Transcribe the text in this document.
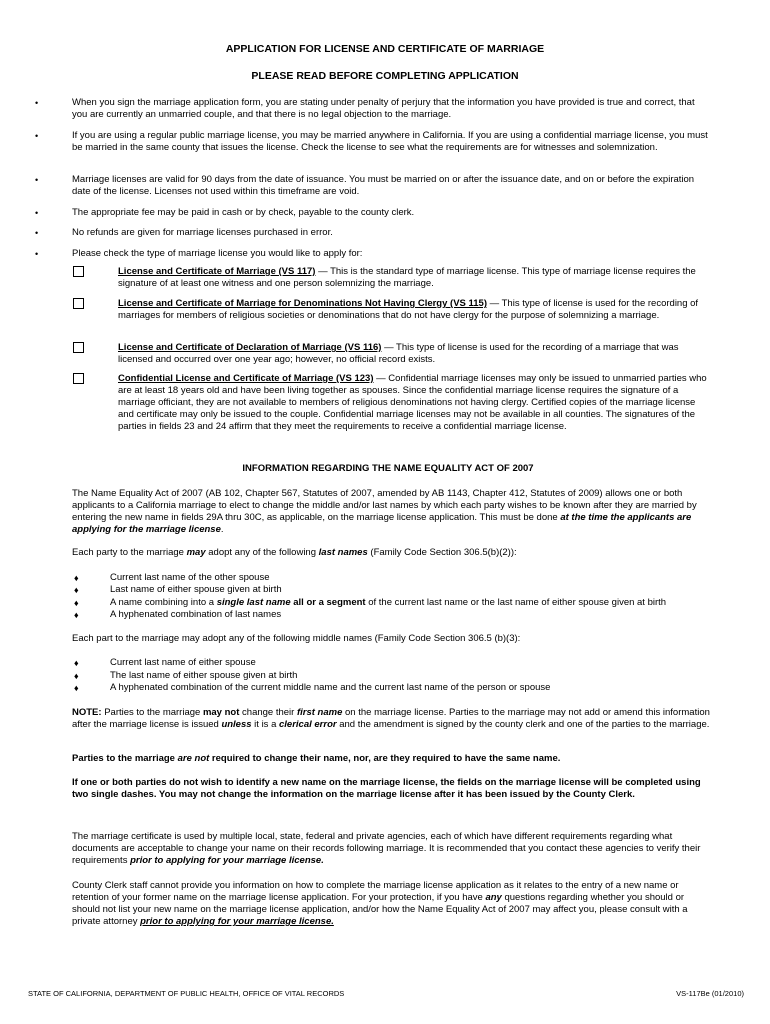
APPLICATION FOR LICENSE AND CERTIFICATE OF MARRIAGE
PLEASE READ BEFORE COMPLETING APPLICATION
•	When you sign the marriage application form, you are stating under penalty of perjury that the information you have provided is true and correct, that you are currently an unmarried couple, and that there is no legal objection to the marriage.
•	If you are using a regular public marriage license, you may be married anywhere in California. If you are using a confidential marriage license, you must be married in the same county that issues the license. Check the license to see what the requirements are for witnesses and solemnization.
•	Marriage licenses are valid for 90 days from the date of issuance. You must be married on or after the issuance date, and on or before the expiration date of the license. Licenses not used within this timeframe are void.
•	The appropriate fee may be paid in cash or by check, payable to the county clerk.
•	No refunds are given for marriage licenses purchased in error.
•	Please check the type of marriage license you would like to apply for:
License and Certificate of Marriage (VS 117) — This is the standard type of marriage license. This type of marriage license requires the signature of at least one witness and one person solemnizing the marriage.
License and Certificate of Marriage for Denominations Not Having Clergy (VS 115) — This type of license is used for the recording of marriages for members of religious societies or denominations that do not have clergy for the purpose of solemnizing a marriage.
License and Certificate of Declaration of Marriage (VS 116) — This type of license is used for the recording of a marriage that was licensed and occurred over one year ago; however, no official record exists.
Confidential License and Certificate of Marriage (VS 123) — Confidential marriage licenses may only be issued to unmarried parties who are at least 18 years old and have been living together as spouses. Since the confidential marriage license requires the signature of a marriage officiant, they are not available to members of religious denominations not having clergy. Certified copies of the marriage license and certificate may only be issued to the couple. Confidential marriage licenses may not be available in all counties. The signatures of the parties in fields 23 and 24 affirm that they meet the requirements to receive a confidential marriage license.
INFORMATION REGARDING THE NAME EQUALITY ACT OF 2007
The Name Equality Act of 2007 (AB 102, Chapter 567, Statutes of 2007, amended by AB 1143, Chapter 412, Statutes of 2009) allows one or both applicants to a California marriage to elect to change the middle and/or last names by which each party wishes to be known after they are married by entering the new name in fields 29A thru 30C, as applicable, on the marriage license application. This must be done at the time the applicants are applying for the marriage license.
Each party to the marriage may adopt any of the following last names (Family Code Section 306.5(b)(2)):
♦	Current last name of the other spouse
♦	Last name of either spouse given at birth
♦	A name combining into a single last name all or a segment of the current last name or the last name of either spouse given at birth
♦	A hyphenated combination of last names
Each part to the marriage may adopt any of the following middle names (Family Code Section 306.5 (b)(3):
♦	Current last name of either spouse
♦	The last name of either spouse given at birth
♦	A hyphenated combination of the current middle name and the current last name of the person or spouse
NOTE: Parties to the marriage may not change their first name on the marriage license. Parties to the marriage may not add or amend this information after the marriage license is issued unless it is a clerical error and the amendment is signed by the county clerk and one of the parties to the marriage.
Parties to the marriage are not required to change their name, nor, are they required to have the same name.
If one or both parties do not wish to identify a new name on the marriage license, the fields on the marriage license will be completed using two single dashes. You may not change the information on the marriage license after it has been issued by the County Clerk.
The marriage certificate is used by multiple local, state, federal and private agencies, each of which have different requirements regarding what documents are acceptable to change your name on their records following marriage. It is recommended that you contact these agencies to verify their requirements prior to applying for your marriage license.
County Clerk staff cannot provide you information on how to complete the marriage license application as it relates to the entry of a new name or retention of your former name on the marriage license application. For your protection, if you have any questions regarding whether you should or should not list your new name on the marriage license application, and/or how the Name Equality Act of 2007 may affect you, please consult with a private attorney prior to applying for your marriage license.
STATE OF CALIFORNIA, DEPARTMENT OF PUBLIC HEALTH, OFFICE OF VITAL RECORDS	VS-117Be (01/2010)
